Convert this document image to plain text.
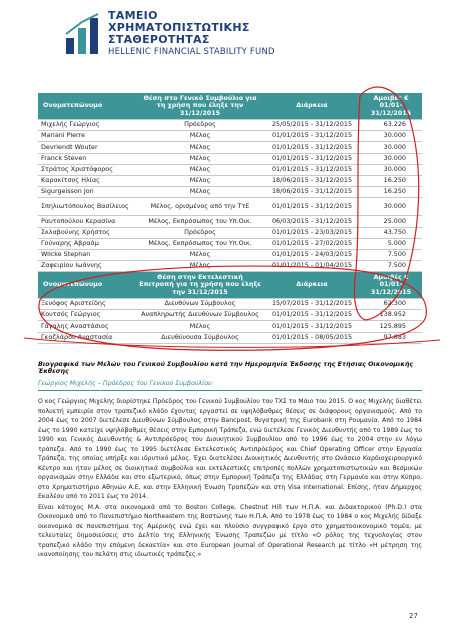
ΤΑΜΕΙΟ
ΧΡΗΜΑΤΟΠΙΣΤΩΤΙΚΗΣ
ΣΤΑΘΕΡΟΤΗΤΑΣ
HELLENIC FINANCIAL STABILITY FUND
Ονοματεπώνυμο	Θέση στο Γενικό Συμβούλιο για τη χρήση που έληξε την 31/12/2015	Διάρκεια	Αμοιβές € 01/01-31/12/2015
Μιχελής Γεώργιος	Πρόεδρος	25/05/2015 - 31/12/2015	63.226
Mariani Pierre	Μέλος	01/01/2015 - 31/12/2015	30.000
Devriendt Wouter	Μέλος	01/01/2015 - 31/12/2015	30.000
Franck Steven	Μέλος	01/01/2015 - 31/12/2015	30.000
Στράτος Χριστόφορος	Μέλος	01/01/2015 - 31/12/2015	30.000
Καρακίτσος Ηλίας	Μέλος	18/06/2015 - 31/12/2015	16.250
Sigurgeisson Jon	Μέλος	18/06/2015 - 31/12/2015	16.250
Σπηλιωτόπουλος Βασίλειος	Μέλος, ορισμένος από την ΤτΕ	01/01/2015 - 31/12/2015	30.000
Ραυτοπούλου Κερασίνα	Μέλος, Εκπρόσωπος του Υπ.Οικ.	06/03/2015 - 31/12/2015	25.000
Σκλαβούνης Χρήστος	Πρόεδρος	01/01/2015 - 23/03/2015	43.750
Γούναρης Αβραάμ	Μέλος, Εκπρόσωπος του Υπ.Οικ.	01/01/2015 - 27/02/2015	5.000
Wilcke Stephan	Μέλος	01/01/2015 - 24/03/2015	7.500
Ζαφειρίου Ιωάννης	Μέλος	01/01/2015 - 01/04/2015	7.500
Ονοματεπώνυμο	Θέση στην Εκτελεστική Επιτροπή για τη χρήση που έληξε την 31/12/2015	Διάρκεια	Αμοιβές € 01/01-31/12/2015
Ξενόφος Αριστείδης	Διευθύνων Σύμβουλος	15/07/2015 - 31/12/2015	62.300
Κουτσός Γεώργιος	Αναπληρωτής Διευθύνων Σύμβουλος	01/01/2015 - 31/12/2015	138.952
Γάγαλης Αναστάσιος	Μέλος	01/01/2015 - 31/12/2015	125.895
Γκαζλάρου Αναστασία	Διευθύνουσα Σύμβουλος	01/01/2015 - 08/05/2015	97.883
Βιογραφικά των Μελών του Γενικού Συμβουλίου κατά την Ημερομηνία Έκδοσης της Ετήσιας Οικονομικής Έκθεσης
Γεώργιος Μιχελής – Πρόεδρος του Γενικού Συμβουλίου

Ο κος Γεώργιος Μιχελής διορίστηκε Πρόεδρος του Γενικού Συμβουλίου του ΤΧΣ το Μάιο του 2015. Ο κος Μιχελής διαθέτει πολυετή εμπειρία στον τραπεζικό κλάδο έχοντας εργαστεί σε υψηλόβαθμες θέσεις σε διάφορους οργανισμούς. Από το 2004 έως το 2007 διετέλεσε Διευθύνων Σύμβουλος στην Bancpost, θυγατρική της Eurobank στη Ρουμανία. Από το 1984 έως το 1990 κατείχε υψηλόβαθμες θέσεις στην Εμπορική Τράπεζα, ενώ διετέλεσε Γενικός Διευθυντής από το 1989 έως το 1990 και Γενικός Διευθυντής & Αντιπρόεδρος του Διοικητικού Συμβουλίου από το 1996 έως το 2004 στην εν λόγω τράπεζα. Από το 1990 έως το 1995 διετέλεσε Εκτελεστικός Αντιπρόεδρος και Chief Operating Officer στην Εργασία Τράπεζα, της οποίας υπήρξε και ιδρυτικό μέλος. Έχει διατελέσει Διοικητικός Διευθυντής στο Ωνάσειο Καρδιοχειρουργικό Κέντρο και ήταν μέλος σε διοικητικά συμβούλια και εκτελεστικές επιτροπές πολλών χρηματοπιστωτικών και θεσμικών οργανισμών στην Ελλάδα και στο εξωτερικό, όπως στην Εμπορική Τράπεζα της Ελλάδας στη Γερμανία και στην Κύπρο, στο Χρηματιστήριο Αθηνών Α.Ε, και στην Ελληνική Ένωση Τραπεζών και στη Visa International. Επίσης, ήταν Δήμαρχος Εκαλέου από το 2011 έως το 2014.

Είναι κάτοχος Μ.Α. στα οικονομικά από το Boston College, Chestnut Hill των Η.Π.Α. και Διδακτορικού (Ph.D.) στα Οικονομικά από το Πανεπιστήμιο Northeastern της Βοστώνης των Η.Π.Α. Από το 1978 έως το 1984 ο κος Μιχελής δίδαξε οικονομικά σε πανεπιστήμια της Αμερικής ενώ έχει και πλούσιο συγγραφικό έργο στο χρηματοοικονομικό τομέα, με τελευταίες δημοσιεύσεις στο Δελτίο της Ελληνικής Ένωσης Τραπεζών με τίτλο «Ο ρόλος της τεχνολογίας στον τραπεζικό κλάδο την επόμενη δεκαετία» και στο European Journal of Operational Research με τίτλο «Η μέτρηση της ικανοποίησης του πελάτη στις ιδιωτικές τράπεζες.»

27
